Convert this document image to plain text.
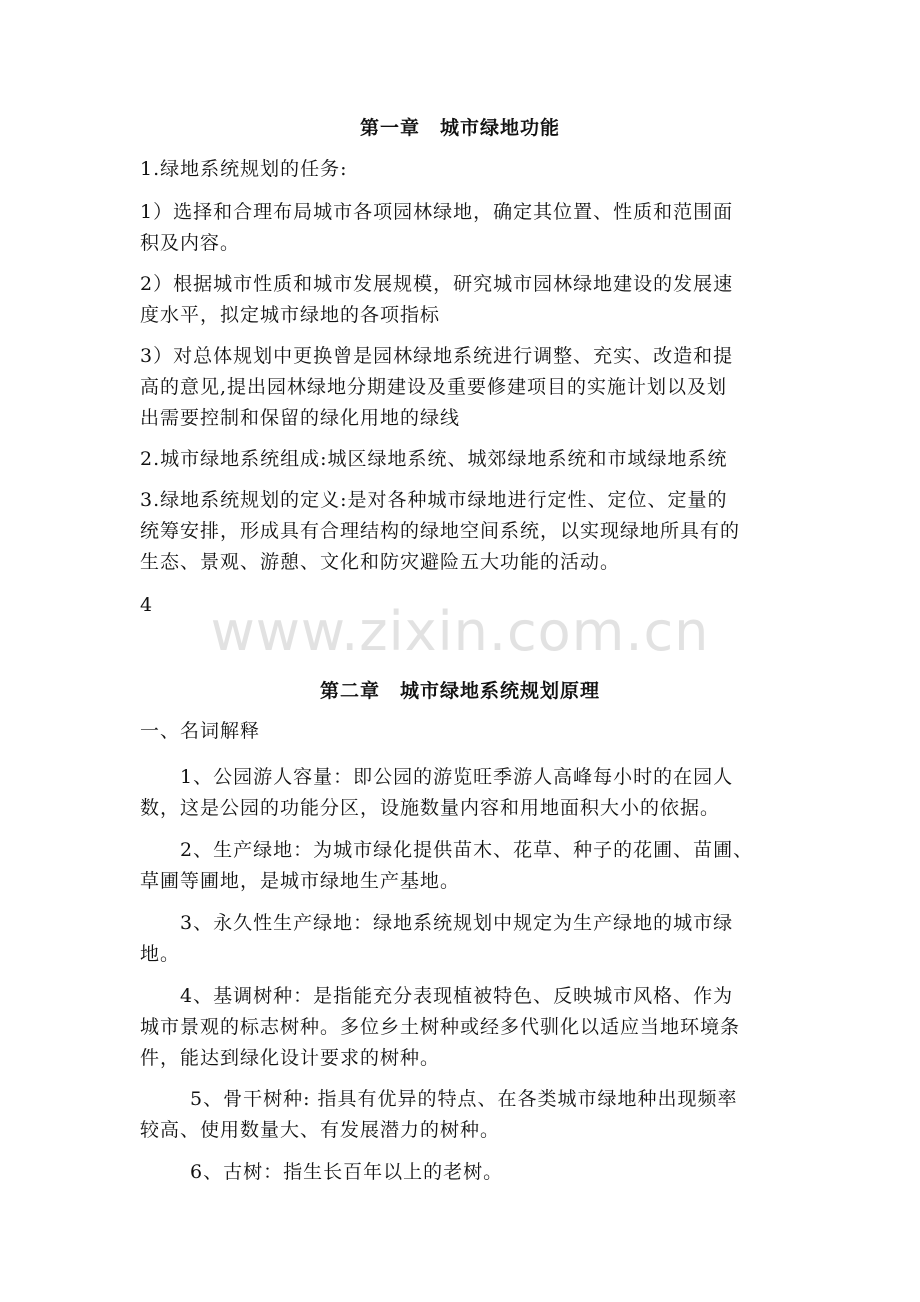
www.zixin.com.cn
第一章　城市绿地功能
1.绿地系统规划的任务:
1）选择和合理布局城市各项园林绿地，确定其位置、性质和范围面
积及内容。
2）根据城市性质和城市发展规模，研究城市园林绿地建设的发展速
度水平，拟定城市绿地的各项指标
3）对总体规划中更换曾是园林绿地系统进行调整、充实、改造和提
高的意见,提出园林绿地分期建设及重要修建项目的实施计划以及划
出需要控制和保留的绿化用地的绿线
2.城市绿地系统组成:城区绿地系统、城郊绿地系统和市域绿地系统
3.绿地系统规划的定义:是对各种城市绿地进行定性、定位、定量的
统筹安排，形成具有合理结构的绿地空间系统，以实现绿地所具有的
生态、景观、游憩、文化和防灾避险五大功能的活动。
4
第二章　城市绿地系统规划原理
一、名词解释
1、公园游人容量：即公园的游览旺季游人高峰每小时的在园人
数，这是公园的功能分区，设施数量内容和用地面积大小的依据。
2、生产绿地：为城市绿化提供苗木、花草、种子的花圃、苗圃、
草圃等圃地，是城市绿地生产基地。
3、永久性生产绿地：绿地系统规划中规定为生产绿地的城市绿
地。
4、基调树种：是指能充分表现植被特色、反映城市风格、作为
城市景观的标志树种。多位乡土树种或经多代驯化以适应当地环境条
件，能达到绿化设计要求的树种。
5、骨干树种: 指具有优异的特点、在各类城市绿地种出现频率
较高、使用数量大、有发展潜力的树种。
6、古树：指生长百年以上的老树。
